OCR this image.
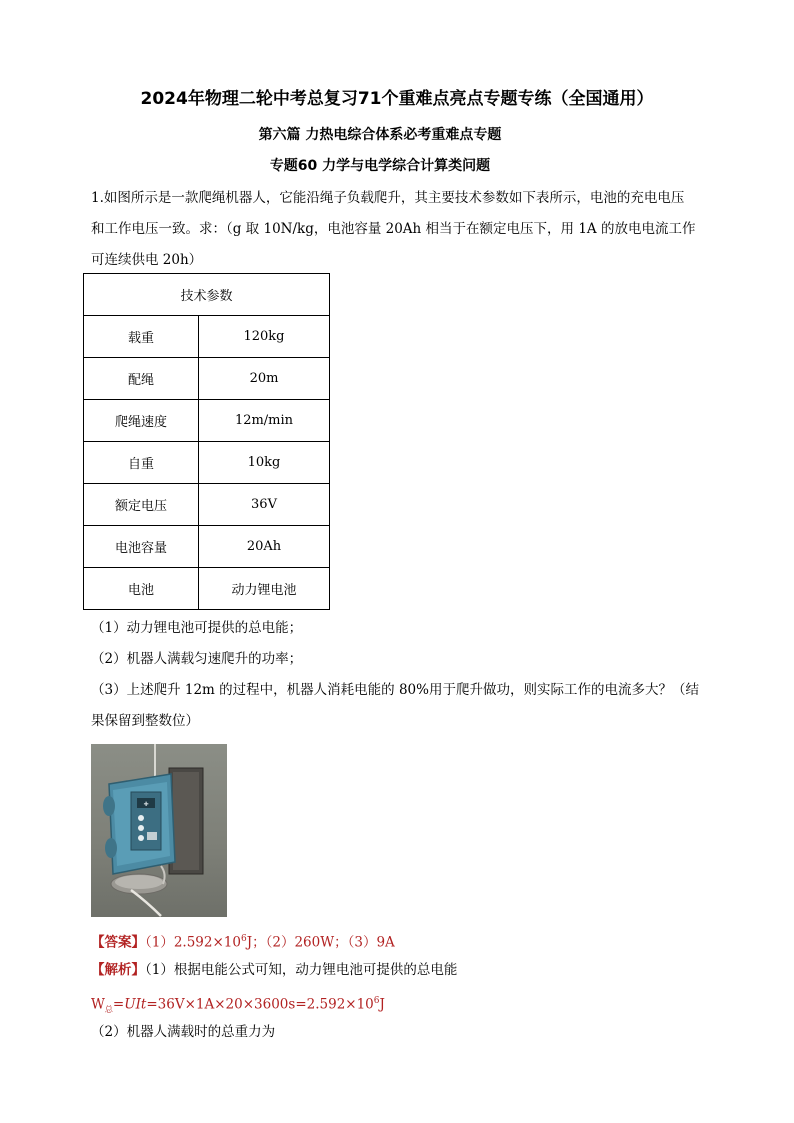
2024年物理二轮中考总复习71个重难点亮点专题专练（全国通用）
第六篇 力热电综合体系必考重难点专题
专题60 力学与电学综合计算类问题
1.如图所示是一款爬绳机器人，它能沿绳子负载爬升，其主要技术参数如下表所示，电池的充电电压
和工作电压一致。求：（g 取 10N/kg，电池容量 20Ah 相当于在额定电压下，用 1A 的放电电流工作
可连续供电 20h）
技术参数	
载重	120kg
配绳	20m
爬绳速度	12m/min
自重	10kg
额定电压	36V
电池容量	20Ah
电池	动力锂电池
（1）动力锂电池可提供的总电能；
（2）机器人满载匀速爬升的功率；
（3）上述爬升 12m 的过程中，机器人消耗电能的 80%用于爬升做功，则实际工作的电流多大？（结
果保留到整数位）
✚
【答案】$(1)2.592\times 10^6J$；（2）260W；（3）9A
【解析】（1）根据电能公式可知，动力锂电池可提供的总电能
$W_总=UIt=36V\times 1A\times 20\times 3600s=2.592\times 10^6J$
（2）机器人满载时的总重力为
